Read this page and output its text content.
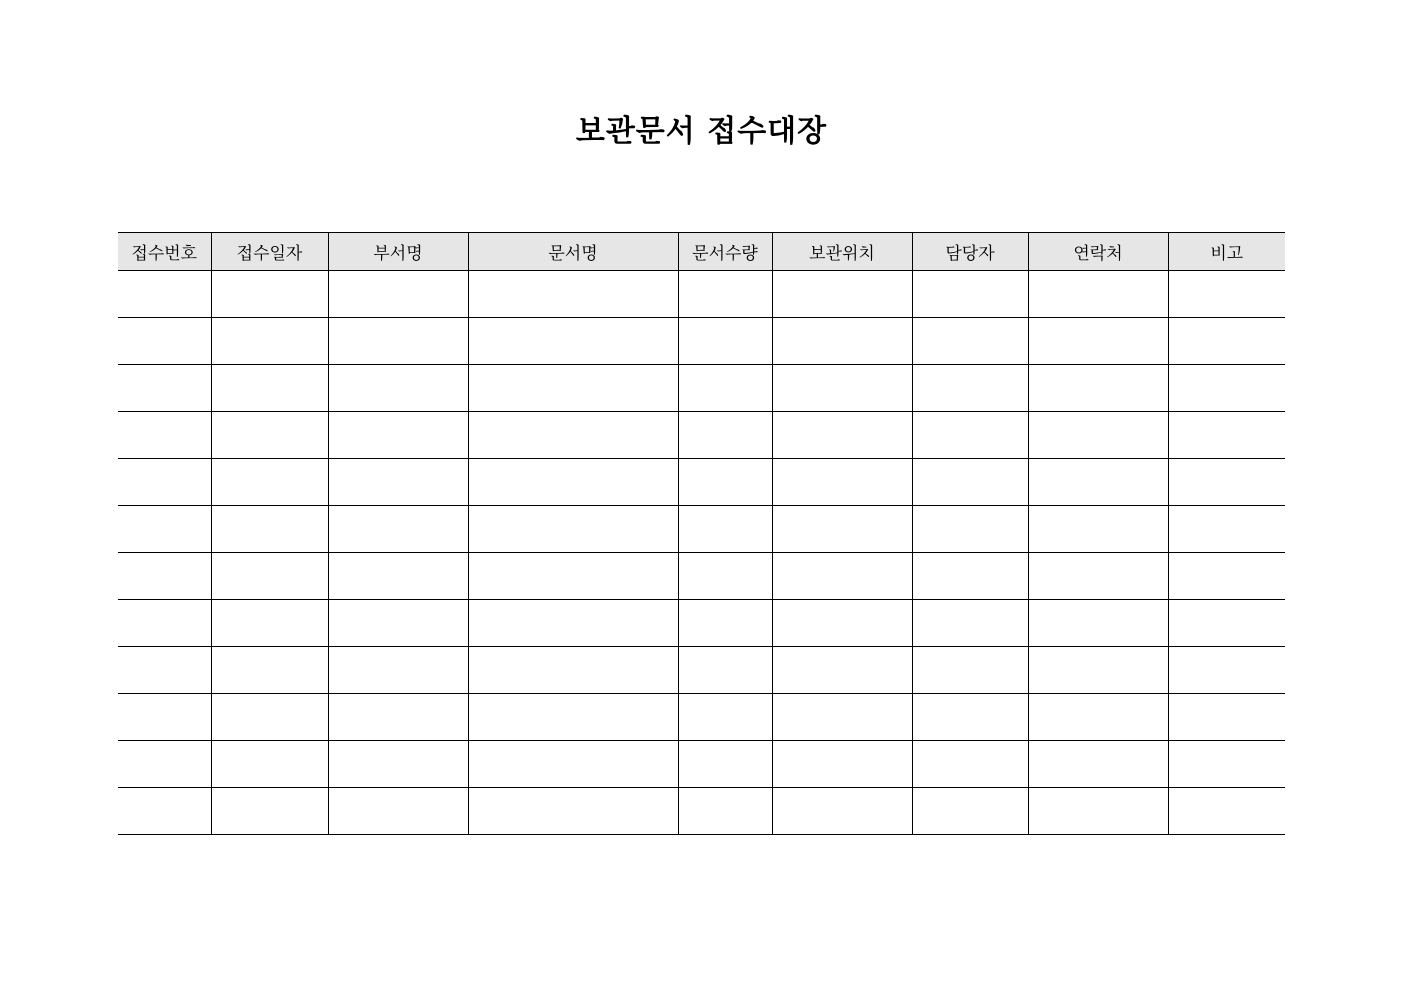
보관문서 접수대장
접수번호	접수일자	부서명	문서명	문서수량	보관위치	담당자	연락처	비고
